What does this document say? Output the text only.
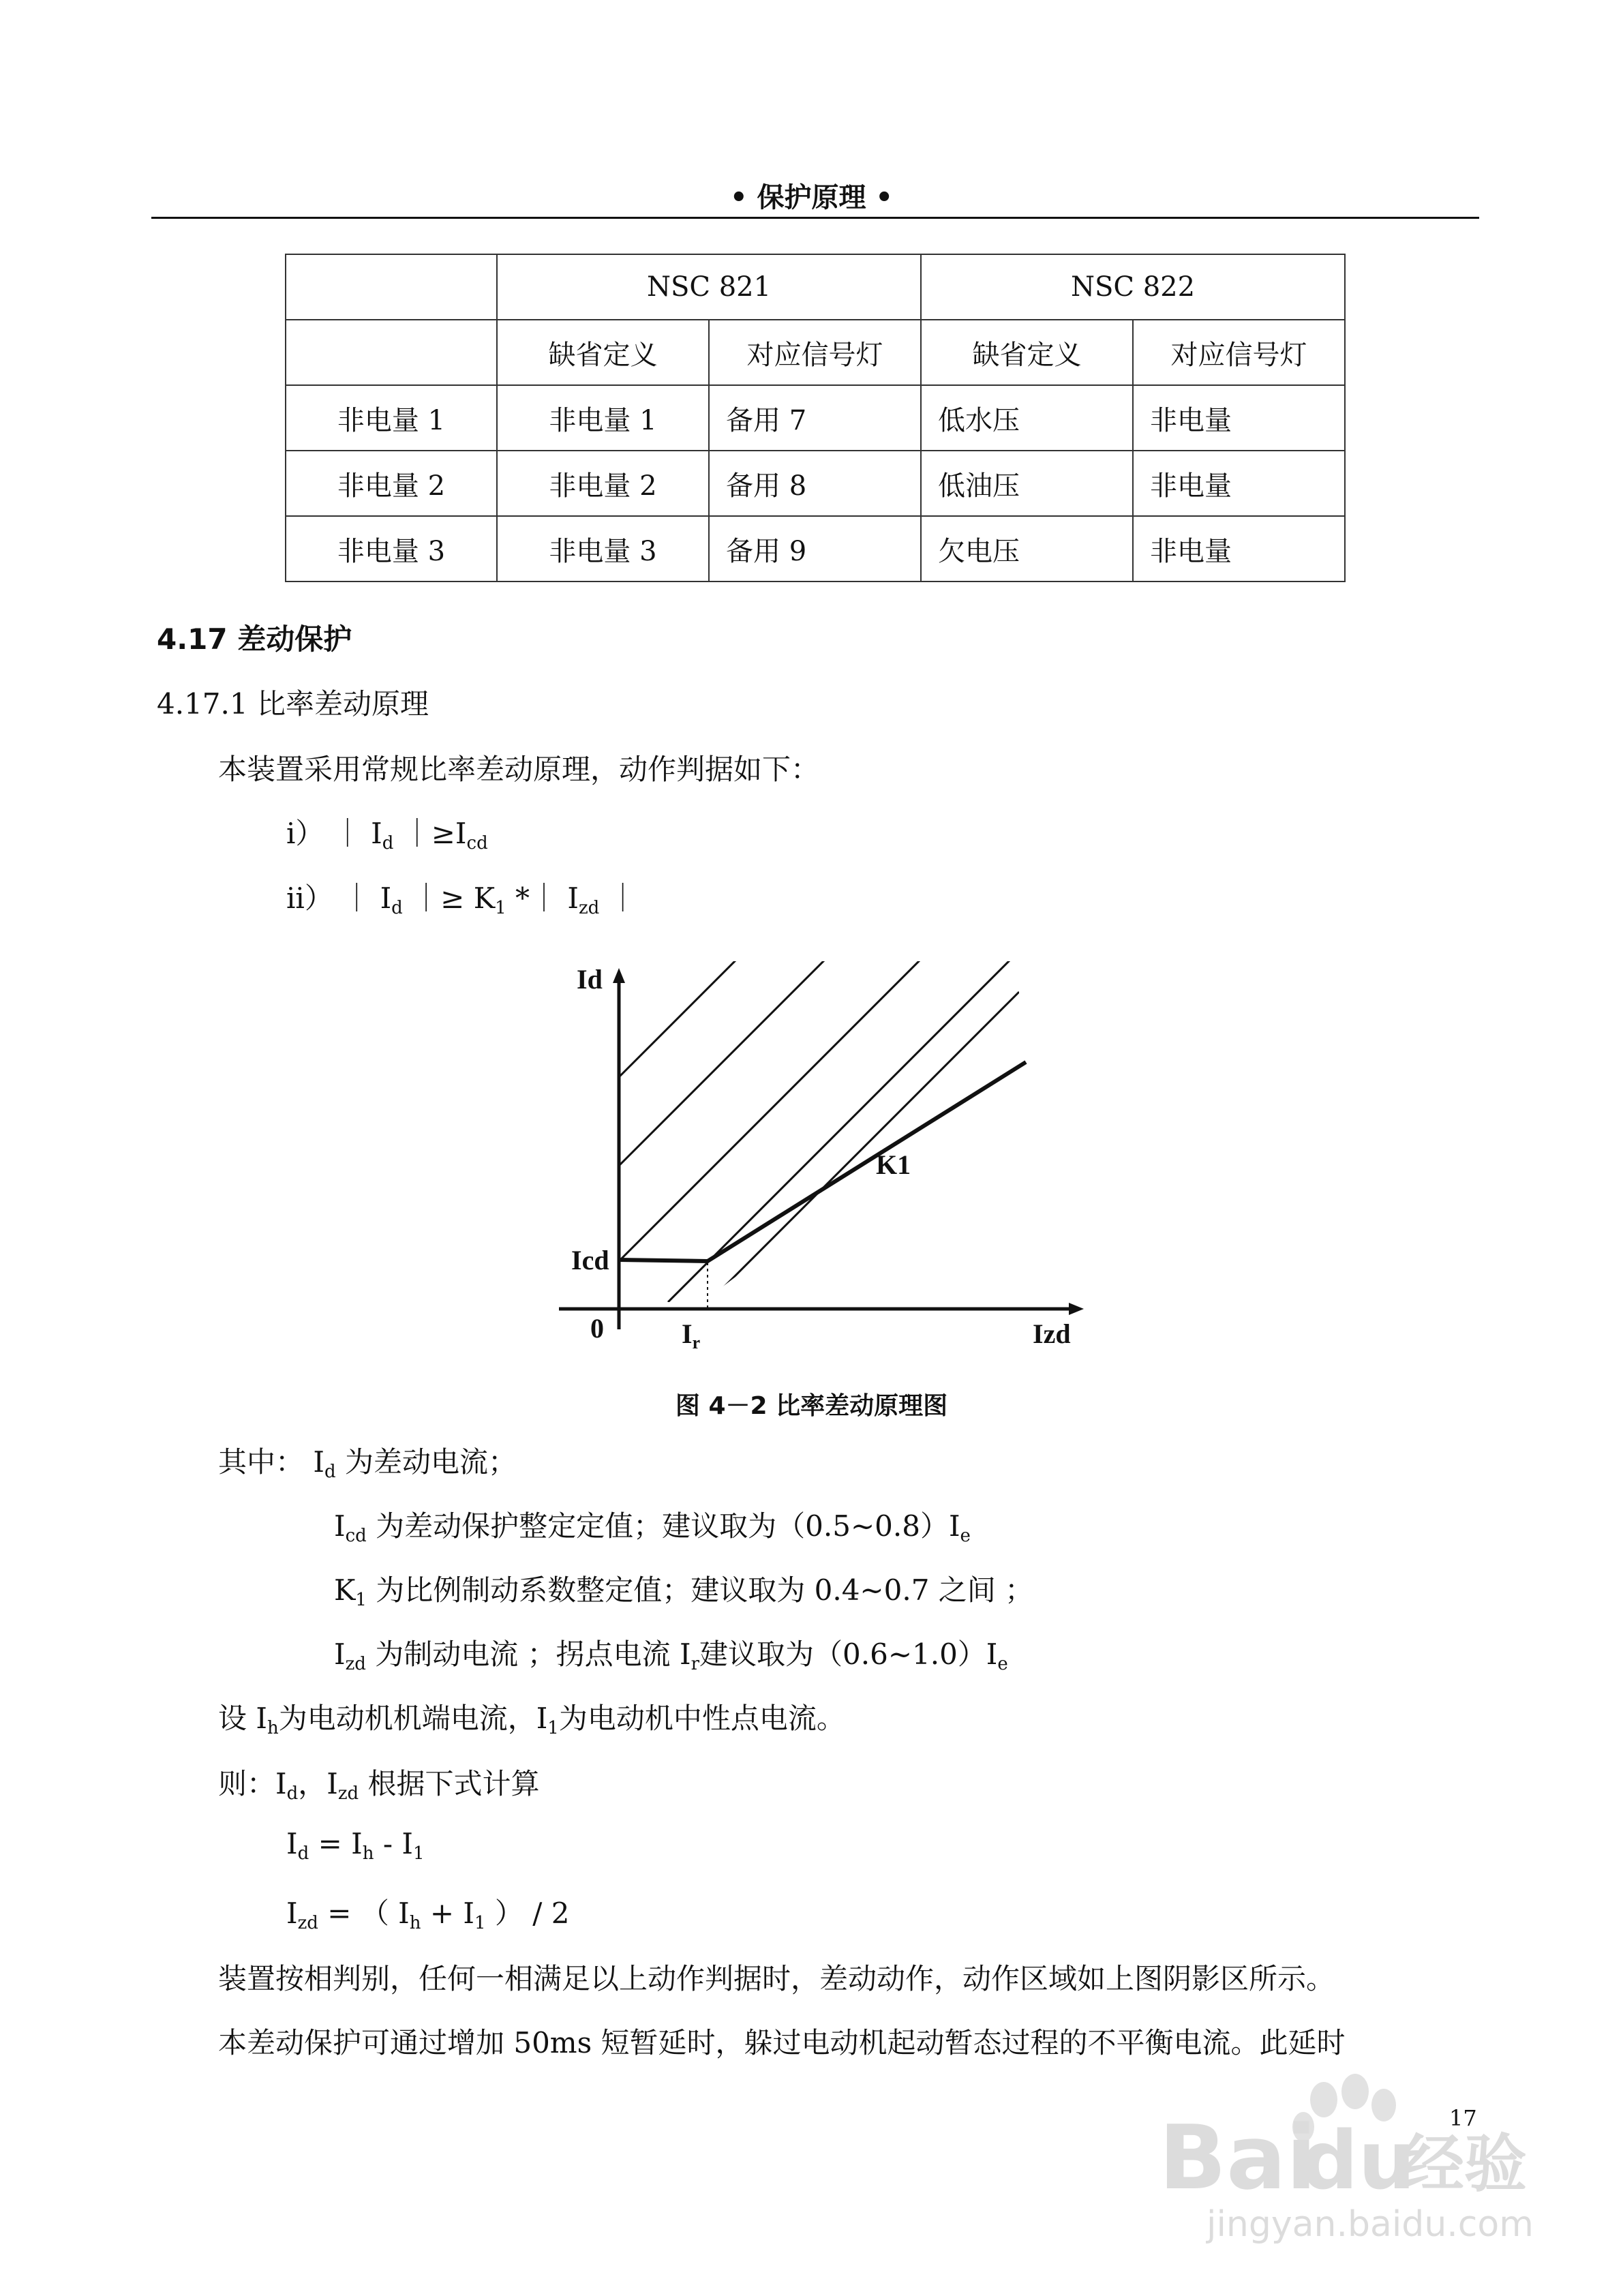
• 保护原理 •
	NSC 821		NSC 822	
	缺省定义	对应信号灯	缺省定义	对应信号灯
非电量 1	非电量 1	备用 7	低水压	非电量
非电量 2	非电量 2	备用 8	低油压	非电量
非电量 3	非电量 3	备用 9	欠电压	非电量
4.17 差动保护
4.17.1 比率差动原理
本装置采用常规比率差动原理，动作判据如下：
i） ｜ $I_d$ $|\ge I_{cd}$
ii） ｜ $I_d$ ｜≥ $K_1$ *｜ $I_{zd}$ ｜
Id
Icd
0	$I_r$	Izd
K1
图 4－2 比率差动原理图
其中： $I_d$ 为差动电流；
$I_{cd}$ 为差动保护整定定值；建议取为$(0.5\sim 0.8)I_e$
$K_1$ 为比例制动系数整定值；建议取为 0.4~0.7 之间 ；
$I_{zd}$ 为制动电流 ；拐点电流 $I_r$建议取为$(0.6\sim 1.0)I_e$
设 $I_h$为电动机机端电流，$I_1$为电动机中性点电流。
则：$I_d$，$I_{zd}$ 根据下式计算
$I_d = I_h - I_1$
$I_{zd}$ = （ $I_h + I_1$ ） / 2
装置按相判别，任何一相满足以上动作判据时，差动动作，动作区域如上图阴影区所示。
本差动保护可通过增加 50ms 短暂延时，躲过电动机起动暂态过程的不平衡电流。此延时
17
Bai
du
经验
jingyan.baidu.com
